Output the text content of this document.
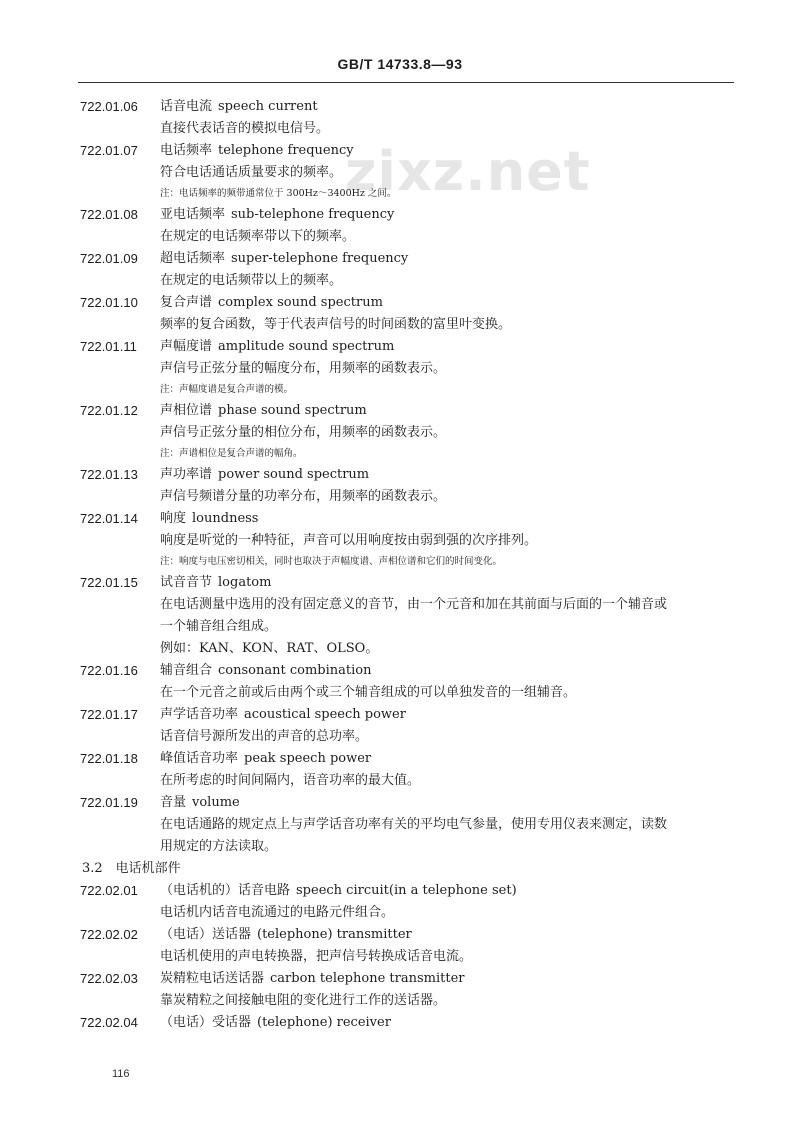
GB/T 14733.8—93
zixz.net
722.01.06 话音电流 speech current
直接代表话音的模拟电信号。
722.01.07 电话频率 telephone frequency
符合电话通话质量要求的频率。
注：电话频率的频带通常位于 300Hz～3400Hz 之间。
722.01.08 亚电话频率 sub-telephone frequency
在规定的电话频率带以下的频率。
722.01.09 超电话频率 super-telephone frequency
在规定的电话频带以上的频率。
722.01.10 复合声谱 complex sound spectrum
频率的复合函数，等于代表声信号的时间函数的富里叶变换。
722.01.11 声幅度谱 amplitude sound spectrum
声信号正弦分量的幅度分布，用频率的函数表示。
注：声幅度谱是复合声谱的模。
722.01.12 声相位谱 phase sound spectrum
声信号正弦分量的相位分布，用频率的函数表示。
注：声谱相位是复合声谱的幅角。
722.01.13 声功率谱 power sound spectrum
声信号频谱分量的功率分布，用频率的函数表示。
722.01.14 响度 loundness
响度是听觉的一种特征，声音可以用响度按由弱到强的次序排列。
注：响度与电压密切相关，同时也取决于声幅度谱、声相位谱和它们的时间变化。
722.01.15 试音音节 logatom
在电话测量中选用的没有固定意义的音节，由一个元音和加在其前面与后面的一个辅音或
一个辅音组合组成。
例如：KAN、KON、RAT、OLSO。
722.01.16 辅音组合 consonant combination
在一个元音之前或后由两个或三个辅音组成的可以单独发音的一组辅音。
722.01.17 声学话音功率 acoustical speech power
话音信号源所发出的声音的总功率。
722.01.18 峰值话音功率 peak speech power
在所考虑的时间间隔内，语音功率的最大值。
722.01.19 音量 volume
在电话通路的规定点上与声学话音功率有关的平均电气参量，使用专用仪表来测定，读数
用规定的方法读取。
3.2　电话机部件
722.02.01 （电话机的）话音电路 speech circuit(in a telephone set)
电话机内话音电流通过的电路元件组合。
722.02.02 （电话）送话器 (telephone) transmitter
电话机使用的声电转换器，把声信号转换成话音电流。
722.02.03 炭精粒电话送话器 carbon telephone transmitter
靠炭精粒之间接触电阻的变化进行工作的送话器。
722.02.04 （电话）受话器 (telephone) receiver
116
